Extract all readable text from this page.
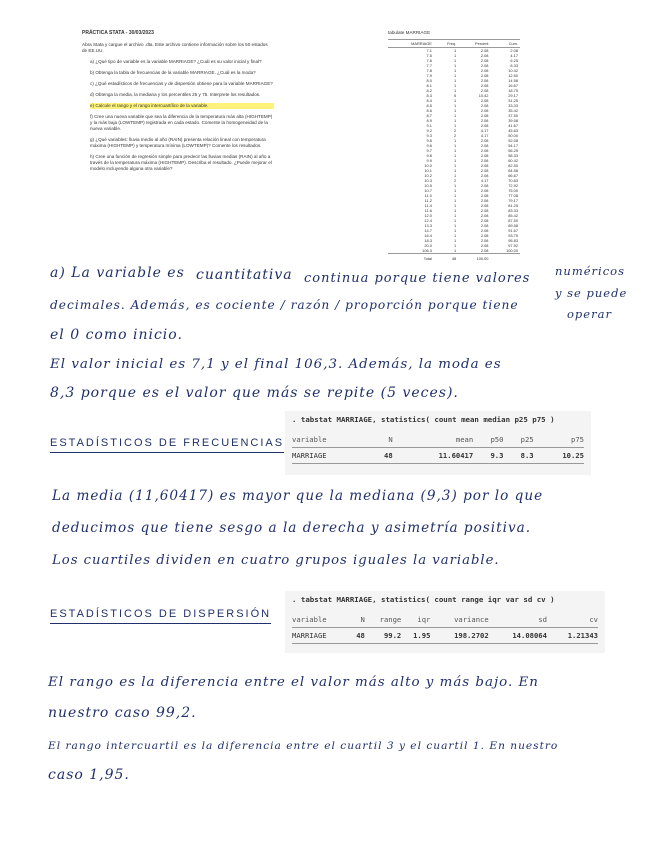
PRÁCTICA STATA - 30/03/2023
Abra Stata y cargue el archivo .dta. Este archivo contiene información sobre los 50 estados de EE.UU.
a) ¿Qué tipo de variable es la variable MARRIAGE? ¿Cuál es su valor inicial y final?
b) Obtenga la tabla de frecuencias de la variable MARRIAGE. ¿Cuál es la moda?
c) ¿Qué estadísticos de frecuencias y de dispersión obtiene para la variable MARRIAGE?
d) Obtenga la media, la mediana y los percentiles 25 y 75. Interprete los resultados.
e) Calcule el rango y el rango intercuartílico de la variable.
f) Cree una nueva variable que sea la diferencia de la temperatura más alta (HIGHTEMP) y la más baja (LOWTEMP) registrada en cada estado. Comente la homogeneidad de la nueva variable.
g) ¿Qué variables: lluvia medio al año (RAIN) presenta relación lineal con temperatura máxima (HIGHTEMP) y temperatura mínima (LOWTEMP)? Comente los resultados.
h) Cree una función de regresión simple para predecir las lluvias medias (RAIN) al año a través de la temperatura máxima (HIGHTEMP). Describa el resultado. ¿Puede mejorar el modelo incluyendo alguna otra variable?
tabulate MARRIAGE
MARRIAGE	Freq.	Percent	Cum.
7.1	1	2.08	2.08
7.5	1	2.08	4.17
7.6	1	2.08	6.25
7.7	1	2.08	8.33
7.8	1	2.08	10.42
7.9	1	2.08	12.50
8.0	1	2.08	14.58
8.1	1	2.08	16.67
8.2	1	2.08	18.75
8.3	5	10.42	29.17
8.4	1	2.08	31.25
8.5	1	2.08	33.33
8.6	1	2.08	35.42
8.7	1	2.08	37.50
8.9	1	2.08	39.58
9.1	1	2.08	41.67
9.2	2	4.17	45.83
9.3	2	4.17	50.00
9.5	1	2.08	52.08
9.6	1	2.08	54.17
9.7	1	2.08	56.25
9.8	1	2.08	58.33
9.9	1	2.08	60.42
10.0	1	2.08	62.50
10.1	1	2.08	64.58
10.2	1	2.08	66.67
10.3	2	4.17	70.83
10.5	1	2.08	72.92
10.7	1	2.08	75.00
11.0	1	2.08	77.08
11.2	1	2.08	79.17
11.4	1	2.08	81.25
11.6	1	2.08	83.33
12.0	1	2.08	85.42
12.4	1	2.08	87.50
13.3	1	2.08	89.58
14.7	1	2.08	91.67
16.4	1	2.08	93.75
18.3	1	2.08	95.83
20.0	1	2.08	97.92
106.3	1	2.08	100.00
Total	48	100.00	
a) La variable es cuantitativa continua porque tiene valores numéricos
decimales. Además, es cociente / razón / proporción porque tiene
y se puede
operar
el 0 como inicio.
El valor inicial es 7,1 y el final 106,3. Además, la moda es
8,3 porque es el valor que más se repite (5 veces).
ESTADÍSTICOS DE FRECUENCIAS
. tabstat MARRIAGE, statistics( count mean median p25 p75 )
variable	N	mean	p50	p25	p75
MARRIAGE	48	11.60417	9.3	8.3	10.25
La media (11,60417) es mayor que la mediana (9,3) por lo que
deducimos que tiene sesgo a la derecha y asimetría positiva.
Los cuartiles dividen en cuatro grupos iguales la variable.
ESTADÍSTICOS DE DISPERSIÓN
. tabstat MARRIAGE, statistics( count range iqr var sd cv )
variable	N	range	iqr	variance	sd	cv
MARRIAGE	48	99.2	1.95	198.2702	14.08064	1.21343
El rango es la diferencia entre el valor más alto y más bajo. En
nuestro caso 99,2.
El rango intercuartil es la diferencia entre el cuartil 3 y el cuartil 1. En nuestro
caso 1,95.
